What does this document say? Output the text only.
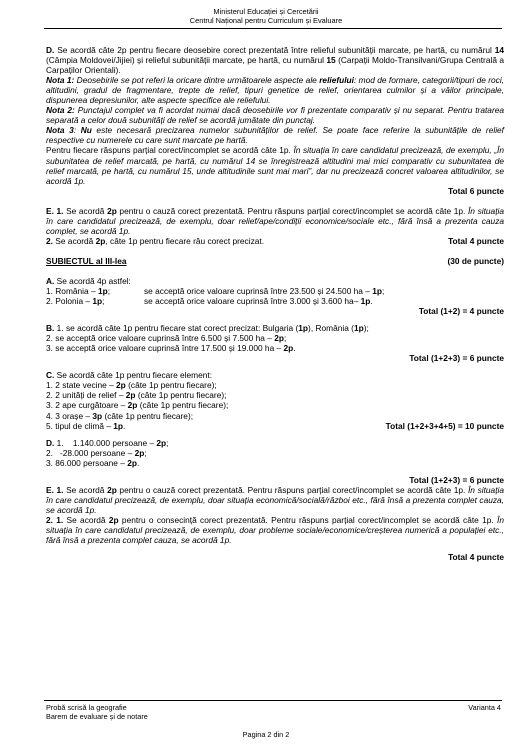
Ministerul Educației și Cercetării
Centrul Național pentru Curriculum și Evaluare

D. Se acordă câte 2p pentru fiecare deosebire corect prezentată între relieful subunității marcate, pe hartă, cu numărul 14 (Câmpia Moldovei/Jijiei) și relieful subunității marcate, pe hartă, cu numărul 15 (Carpații Moldo-Transilvani/Grupa Centrală a Carpaților Orientali).

Nota 1: Deosebirile se pot referi la oricare dintre următoarele aspecte ale reliefului: mod de formare, categorii/tipuri de roci, altitudini, gradul de fragmentare, trepte de relief, tipuri genetice de relief, orientarea culmilor și a văilor principale, dispunerea depresiunilor, alte aspecte specifice ale reliefului.

Nota 2: Punctajul complet va fi acordat numai dacă deosebirile vor fi prezentate comparativ și nu separat. Pentru tratarea separată a celor două subunități de relief se acordă jumătate din punctaj.

Nota 3: Nu este necesară precizarea numelor subunităților de relief. Se poate face referire la subunitățile de relief respective cu numerele cu care sunt marcate pe hartă.

Pentru fiecare răspuns parțial corect/incomplet se acordă câte 1p. În situația în care candidatul precizează, de exemplu, „În subunitatea de relief marcată, pe hartă, cu numărul 14 se înregistrează altitudini mai mici comparativ cu subunitatea de relief marcată, pe hartă, cu numărul 15, unde altitudinile sunt mai mari”, dar nu precizează concret valoarea altitudinilor, se acordă 1p.

Total 6 puncte

E. 1. Se acordă 2p pentru o cauză corect prezentată. Pentru răspuns parțial corect/incomplet se acordă câte 1p. În situația în care candidatul precizează, de exemplu, doar relief/ape/condiții economice/sociale etc., fără însă a prezenta cauza complet, se acordă 1p.

2. Se acordă 2p, câte 1p pentru fiecare râu corect precizat.	Total 4 puncte

SUBIECTUL al III-lea	(30 de puncte)

A. Se acordă 4p astfel:

1. România – 1p;	se acceptă orice valoare cuprinsă între 23.500 și 24.500 ha – 1p;

2. Polonia – 1p;	se acceptă orice valoare cuprinsă între 3.000 și 3.600 ha– 1p.

Total (1+2) = 4 puncte

B. 1. se acordă câte 1p pentru fiecare stat corect precizat: Bulgaria (1p), România (1p);

2. se acceptă orice valoare cuprinsă între 6.500 și 7.500 ha – 2p;

3. se acceptă orice valoare cuprinsă între 17.500 și 19.000 ha – 2p.

Total (1+2+3) = 6 puncte

C. Se acordă câte 1p pentru fiecare element:

1. 2 state vecine – 2p (câte 1p pentru fiecare);

2. 2 unități de relief – 2p (câte 1p pentru fiecare);

3. 2 ape curgătoare – 2p (câte 1p pentru fiecare);

4. 3 orașe – 3p (câte 1p pentru fiecare);

5. tipul de climă – 1p.	Total (1+2+3+4+5) = 10 puncte

D. 1.    1.140.000 persoane – 2p;

2.   -28.000 persoane – 2p;

3. 86.000 persoane – 2p.

Total (1+2+3) = 6 puncte

E. 1. Se acordă 2p pentru o cauză corect prezentată. Pentru răspuns parțial corect/incomplet se acordă câte 1p. În situația în care candidatul precizează, de exemplu, doar situația economică/socială/război etc., fără însă a prezenta complet cauza, se acordă 1p.

2. 1. Se acordă 2p pentru o consecință corect prezentată. Pentru răspuns parțial corect/incomplet se acordă câte 1p. În situația în care candidatul precizează, de exemplu, doar probleme sociale/economice/creșterea numerică a populației etc., fără însă a prezenta complet cauza, se acordă 1p.

Total 4 puncte

Probă scrisă la geografie
Barem de evaluare și de notare
Varianta 4
Pagina 2 din 2
